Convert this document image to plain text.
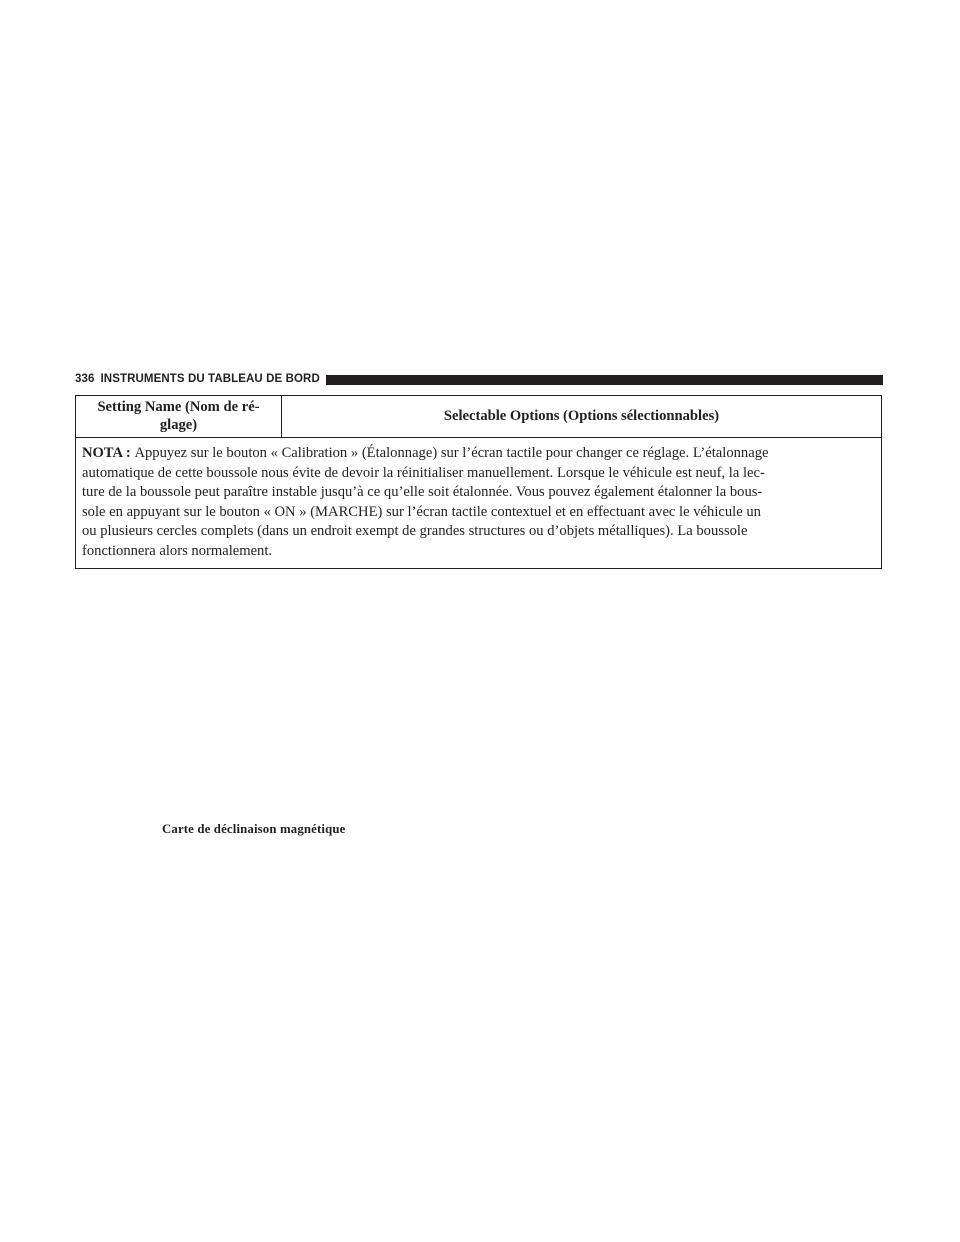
336 INSTRUMENTS DU TABLEAU DE BORD
Setting Name (Nom de ré-
glage)	Selectable Options (Options sélectionnables)
NOTA : Appuyez sur le bouton « Calibration » (Étalonnage) sur l’écran tactile pour changer ce réglage. L’étalonnage
automatique de cette boussole nous évite de devoir la réinitialiser manuellement. Lorsque le véhicule est neuf, la lec-
ture de la boussole peut paraître instable jusqu’à ce qu’elle soit étalonnée. Vous pouvez également étalonner la bous-
sole en appuyant sur le bouton « ON » (MARCHE) sur l’écran tactile contextuel et en effectuant avec le véhicule un
ou plusieurs cercles complets (dans un endroit exempt de grandes structures ou d’objets métalliques). La boussole
fonctionnera alors normalement.
Carte de déclinaison magnétique
